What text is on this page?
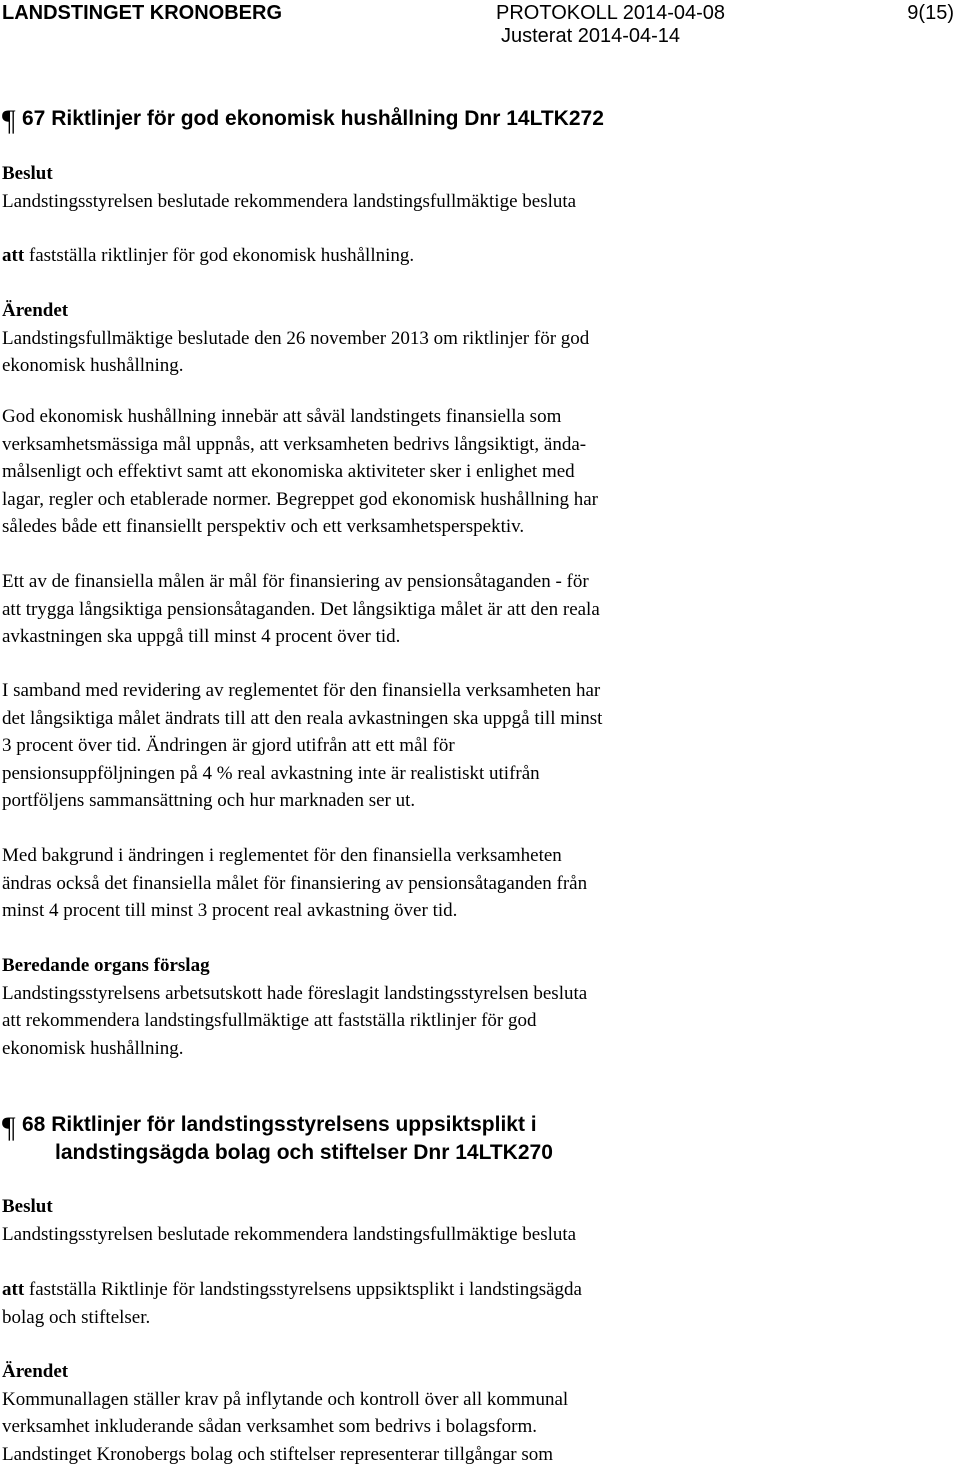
LANDSTINGET KRONOBERG	PROTOKOLL 2014-04-08	9(15)
Justerat 2014-04-14
¶ 67 Riktlinjer för god ekonomisk hushållning Dnr 14LTK272
Beslut
Landstingsstyrelsen beslutade rekommendera landstingsfullmäktige besluta
att fastställa riktlinjer för god ekonomisk hushållning.
Ärendet
Landstingsfullmäktige beslutade den 26 november 2013 om riktlinjer för god
ekonomisk hushållning.
God ekonomisk hushållning innebär att såväl landstingets finansiella som
verksamhetsmässiga mål uppnås, att verksamheten bedrivs långsiktigt, ända-
målsenligt och effektivt samt att ekonomiska aktiviteter sker i enlighet med
lagar, regler och etablerade normer. Begreppet god ekonomisk hushållning har
således både ett finansiellt perspektiv och ett verksamhetsperspektiv.
Ett av de finansiella målen är mål för finansiering av pensionsåtaganden - för
att trygga långsiktiga pensionsåtaganden. Det långsiktiga målet är att den reala
avkastningen ska uppgå till minst 4 procent över tid.
I samband med revidering av reglementet för den finansiella verksamheten har
det långsiktiga målet ändrats till att den reala avkastningen ska uppgå till minst
3 procent över tid. Ändringen är gjord utifrån att ett mål för
pensionsuppföljningen på 4 % real avkastning inte är realistiskt utifrån
portföljens sammansättning och hur marknaden ser ut.
Med bakgrund i ändringen i reglementet för den finansiella verksamheten
ändras också det finansiella målet för finansiering av pensionsåtaganden från
minst 4 procent till minst 3 procent real avkastning över tid.
Beredande organs förslag
Landstingsstyrelsens arbetsutskott hade föreslagit landstingsstyrelsen besluta
att rekommendera landstingsfullmäktige att fastställa riktlinjer för god
ekonomisk hushållning.
¶ 68 Riktlinjer för landstingsstyrelsens uppsiktsplikt i
landstingsägda bolag och stiftelser Dnr 14LTK270
Beslut
Landstingsstyrelsen beslutade rekommendera landstingsfullmäktige besluta
att fastställa Riktlinje för landstingsstyrelsens uppsiktsplikt i landstingsägda
bolag och stiftelser.
Ärendet
Kommunallagen ställer krav på inflytande och kontroll över all kommunal
verksamhet inkluderande sådan verksamhet som bedrivs i bolagsform.
Landstinget Kronobergs bolag och stiftelser representerar tillgångar som
